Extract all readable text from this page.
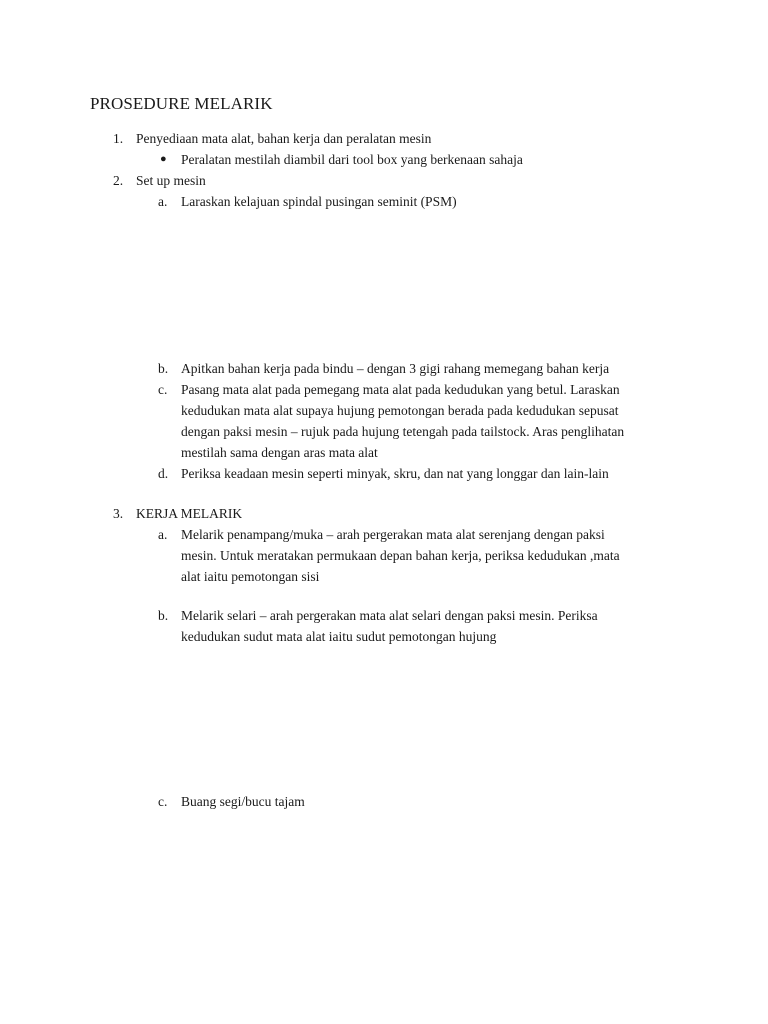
PROSEDURE MELARIK
1. Penyediaan mata alat, bahan kerja dan peralatan mesin
● Peralatan mestilah diambil dari tool box yang berkenaan sahaja
2. Set up mesin
a. Laraskan kelajuan spindal pusingan seminit (PSM)
b. Apitkan bahan kerja pada bindu – dengan 3 gigi rahang memegang bahan kerja
c. Pasang mata alat pada pemegang mata alat pada kedudukan yang betul. Laraskan
kedudukan mata alat supaya hujung pemotongan berada pada kedudukan sepusat
dengan paksi mesin – rujuk pada hujung tetengah pada tailstock. Aras penglihatan
mestilah sama dengan aras mata alat
d. Periksa keadaan mesin seperti minyak, skru, dan nat yang longgar dan lain-lain
3. KERJA MELARIK
a. Melarik penampang/muka – arah pergerakan mata alat serenjang dengan paksi
mesin. Untuk meratakan permukaan depan bahan kerja, periksa kedudukan ,mata
alat iaitu pemotongan sisi
b. Melarik selari – arah pergerakan mata alat selari dengan paksi mesin. Periksa
kedudukan sudut mata alat iaitu sudut pemotongan hujung
c. Buang segi/bucu tajam
